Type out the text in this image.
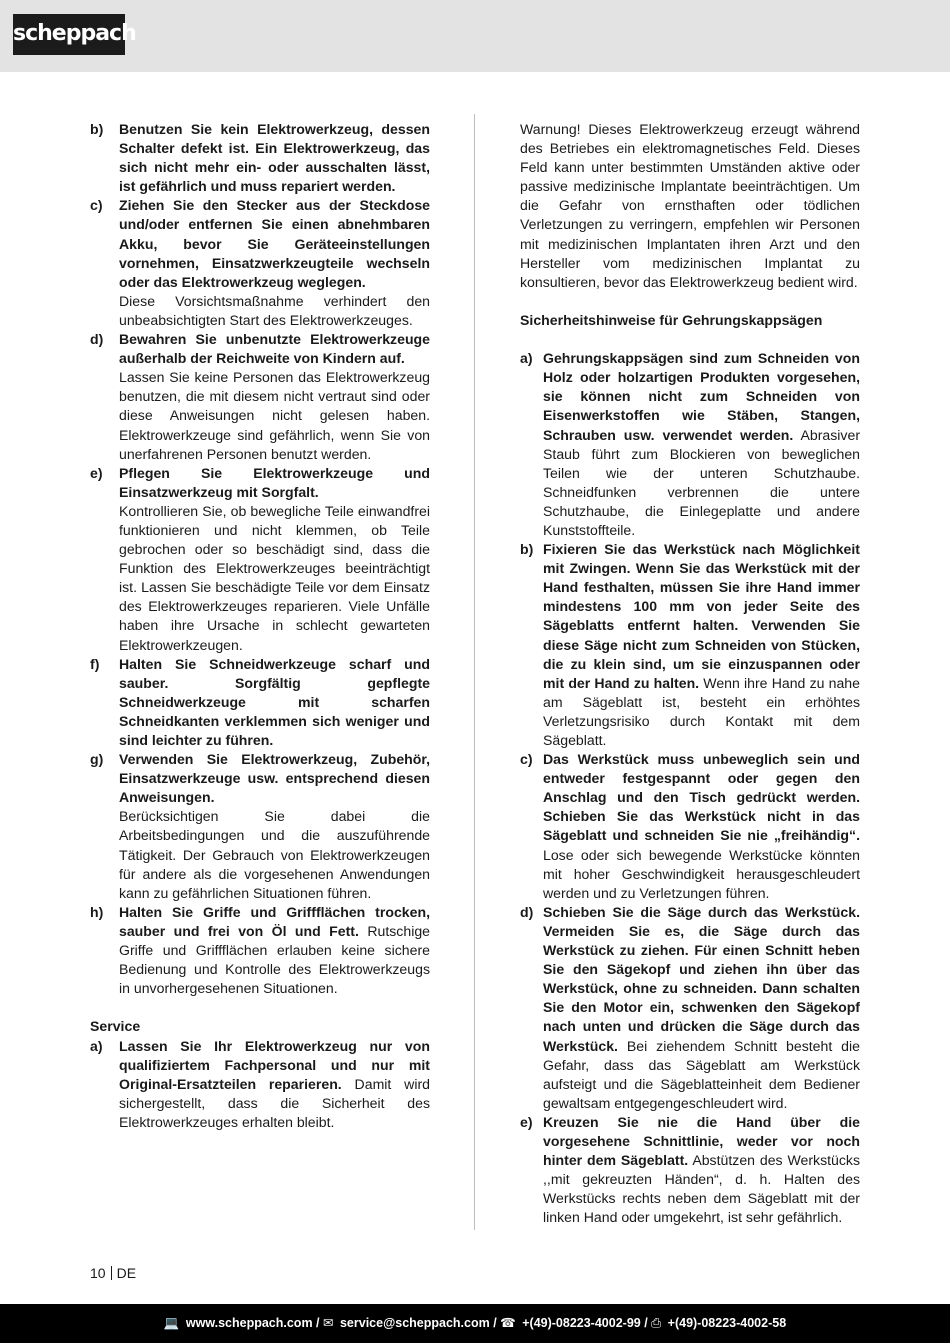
scheppach
b)	Benutzen Sie kein Elektrowerkzeug, dessen Schalter defekt ist. Ein Elektrowerkzeug, das sich nicht mehr ein- oder ausschalten lässt, ist gefährlich und muss repariert werden.
c)	Ziehen Sie den Stecker aus der Steckdose und/oder entfernen Sie einen abnehmbaren Akku, bevor Sie Geräteeinstellungen vornehmen, Einsatzwerkzeugteile wechseln oder das Elektrowerkzeug weglegen.
Diese Vorsichtsmaßnahme verhindert den unbeabsichtigten Start des Elektrowerkzeuges.
d)	Bewahren Sie unbenutzte Elektrowerkzeuge außerhalb der Reichweite von Kindern auf.
Lassen Sie keine Personen das Elektrowerkzeug benutzen, die mit diesem nicht vertraut sind oder diese Anweisungen nicht gelesen haben. Elektrowerkzeuge sind gefährlich, wenn Sie von unerfahrenen Personen benutzt werden.
e)	Pflegen Sie Elektrowerkzeuge und Einsatzwerkzeug mit Sorgfalt.
Kontrollieren Sie, ob bewegliche Teile einwandfrei funktionieren und nicht klemmen, ob Teile gebrochen oder so beschädigt sind, dass die Funktion des Elektrowerkzeuges beeinträchtigt ist. Lassen Sie beschädigte Teile vor dem Einsatz des Elektrowerkzeuges reparieren. Viele Unfälle haben ihre Ursache in schlecht gewarteten Elektrowerkzeugen.
f)	Halten Sie Schneidwerkzeuge scharf und sauber. Sorgfältig gepflegte Schneidwerkzeuge mit scharfen Schneidkanten verklemmen sich weniger und sind leichter zu führen.
g)	Verwenden Sie Elektrowerkzeug, Zubehör, Einsatzwerkzeuge usw. entsprechend diesen Anweisungen.
Berücksichtigen Sie dabei die Arbeitsbedingungen und die auszuführende Tätigkeit. Der Gebrauch von Elektrowerkzeugen für andere als die vorgesehenen Anwendungen kann zu gefährlichen Situationen führen.
h)	Halten Sie Griffe und Griffflächen trocken, sauber und frei von Öl und Fett. Rutschige Griffe und Griffflächen erlauben keine sichere Bedienung und Kontrolle des Elektrowerkzeugs in unvorhergesehenen Situationen.
Service
a)	Lassen Sie Ihr Elektrowerkzeug nur von qualifiziertem Fachpersonal und nur mit Original-Ersatzteilen reparieren. Damit wird sichergestellt, dass die Sicherheit des Elektrowerkzeuges erhalten bleibt.

Warnung! Dieses Elektrowerkzeug erzeugt während des Betriebes ein elektromagnetisches Feld. Dieses Feld kann unter bestimmten Umständen aktive oder passive medizinische Implantate beeinträchtigen. Um die Gefahr von ernsthaften oder tödlichen Verletzungen zu verringern, empfehlen wir Personen mit medizinischen Implantaten ihren Arzt und den Hersteller vom medizinischen Implantat zu konsultieren, bevor das Elektrowerkzeug bedient wird.

Sicherheitshinweise für Gehrungskappsägen
a) Gehrungskappsägen sind zum Schneiden von Holz oder holzartigen Produkten vorgesehen, sie können nicht zum Schneiden von Eisenwerkstoffen wie Stäben, Stangen, Schrauben usw. verwendet werden. Abrasiver Staub führt zum Blockieren von beweglichen Teilen wie der unteren Schutzhaube. Schneidfunken verbrennen die untere Schutzhaube, die Einlegeplatte und andere Kunststoffteile.
b) Fixieren Sie das Werkstück nach Möglichkeit mit Zwingen. Wenn Sie das Werkstück mit der Hand festhalten, müssen Sie ihre Hand immer mindestens 100 mm von jeder Seite des Sägeblatts entfernt halten. Verwenden Sie diese Säge nicht zum Schneiden von Stücken, die zu klein sind, um sie einzuspannen oder mit der Hand zu halten. Wenn ihre Hand zu nahe am Sägeblatt ist, besteht ein erhöhtes Verletzungsrisiko durch Kontakt mit dem Sägeblatt.
c) Das Werkstück muss unbeweglich sein und entweder festgespannt oder gegen den Anschlag und den Tisch gedrückt werden. Schieben Sie das Werkstück nicht in das Sägeblatt und schneiden Sie nie „freihändig“. Lose oder sich bewegende Werkstücke könnten mit hoher Geschwindigkeit herausgeschleudert werden und zu Verletzungen führen.
d) Schieben Sie die Säge durch das Werkstück. Vermeiden Sie es, die Säge durch das Werkstück zu ziehen. Für einen Schnitt heben Sie den Sägekopf und ziehen ihn über das Werkstück, ohne zu schneiden. Dann schalten Sie den Motor ein, schwenken den Sägekopf nach unten und drücken die Säge durch das Werkstück. Bei ziehendem Schnitt besteht die Gefahr, dass das Sägeblatt am Werkstück aufsteigt und die Sägeblatteinheit dem Bediener gewaltsam entgegengeschleudert wird.
e) Kreuzen Sie nie die Hand über die vorgesehene Schnittlinie, weder vor noch hinter dem Sägeblatt. Abstützen des Werkstücks ,,mit gekreuzten Händen“, d. h. Halten des Werkstücks rechts neben dem Sägeblatt mit der linken Hand oder umgekehrt, ist sehr gefährlich.
10 DE
💻 www.scheppach.com / ✉ service@scheppach.com / ☎ +(49)-08223-4002-99 / ⎙ +(49)-08223-4002-58
